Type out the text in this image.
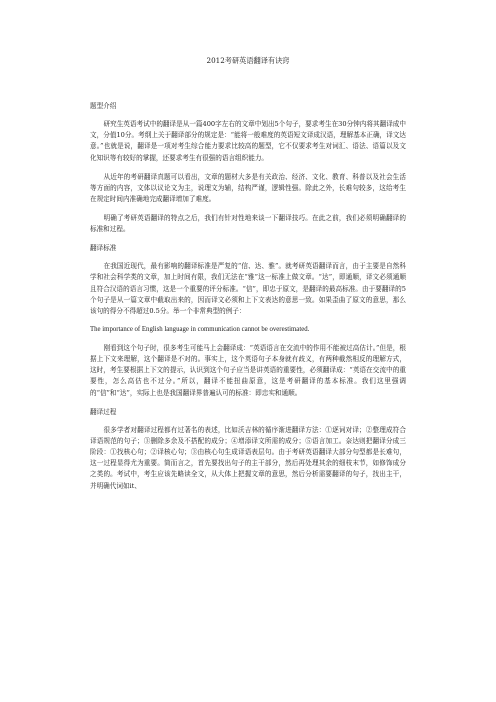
2012考研英语翻译有诀窍
题型介绍

研究生英语考试中的翻译是从一篇400字左右的文章中划出5个句子，要求考生在30分钟内将其翻译成中文，分值10分。考纲上关于翻译部分的规定是：“能将一般难度的英语短文译成汉语，理解基本正确，译文达意。”也就是说，翻译是一项对考生综合能力要求比较高的题型，它不仅要求考生对词汇、语法、语篇以及文化知识等有较好的掌握，还要求考生有很强的语言组织能力。

从近年的考研翻译真题可以看出，文章的题材大多是有关政治、经济、文化、教育、科普以及社会生活等方面的内容，文体以议论文为主，说理文为辅，结构严谨，逻辑性强。除此之外，长难句较多，这给考生在规定时间内准确地完成翻译增加了难度。

明确了考研英语翻译的特点之后，我们有针对性地来谈一下翻译技巧。在此之前，我们必须明确翻译的标准和过程。

翻译标准

在我国近现代，最有影响的翻译标准是严复的“信、达、雅”。就考研英语翻译而言，由于主要是自然科学和社会科学类的文章，加上时间有限，我们无法在“雅”这一标准上做文章。“达”，即通顺，译文必须通顺且符合汉语的语言习惯，这是一个重要的评分标准。“信”，即忠于原文，是翻译的最高标准。由于要翻译的5个句子是从一篇文章中截取出来的，因而译文必须和上下文表达的意思一致。如果歪曲了原文的意思，那么该句的得分不得超过0.5分。举一个非常典型的例子：

The importance of English language in communication cannot be overestimated.

刚看到这个句子时，很多考生可能马上会翻译成：“英语语言在交流中的作用不能被过高估计。”但是，根据上下文来理解，这个翻译是不对的。事实上，这个英语句子本身就有歧义，有两种截然相反的理解方式，这时，考生要根据上下文的提示，认识到这个句子应当是讲英语的重要性，必须翻译成：“英语在交流中的重要性，怎么高估也不过分。”所以，翻译不能扭曲原意，这是考研翻译的基本标准。我们这里强调的“信”和“达”，实际上也是我国翻译界普遍认可的标准：即忠实和通顺。

翻译过程

很多学者对翻译过程都有过著名的表述，比如沃吉林的循序渐进翻译方法：①逐词对译；②整理成符合译语规范的句子；③删除多余及不搭配的成分；④增添译文所需的成分；⑤语言加工。奈达则把翻译分成三阶段：①找核心句；②译核心句；③由核心句生成译语表层句。由于考研英语翻译大部分句型都是长难句，这一过程显得尤为重要。简而言之，首先要找出句子的主干部分，然后再处理其余的细枝末节，如修饰成分之类的。考试中，考生应该先略读全文，从大体上把握文章的意思，然后分析需要翻译的句子，找出主干，并明确代词如it、
